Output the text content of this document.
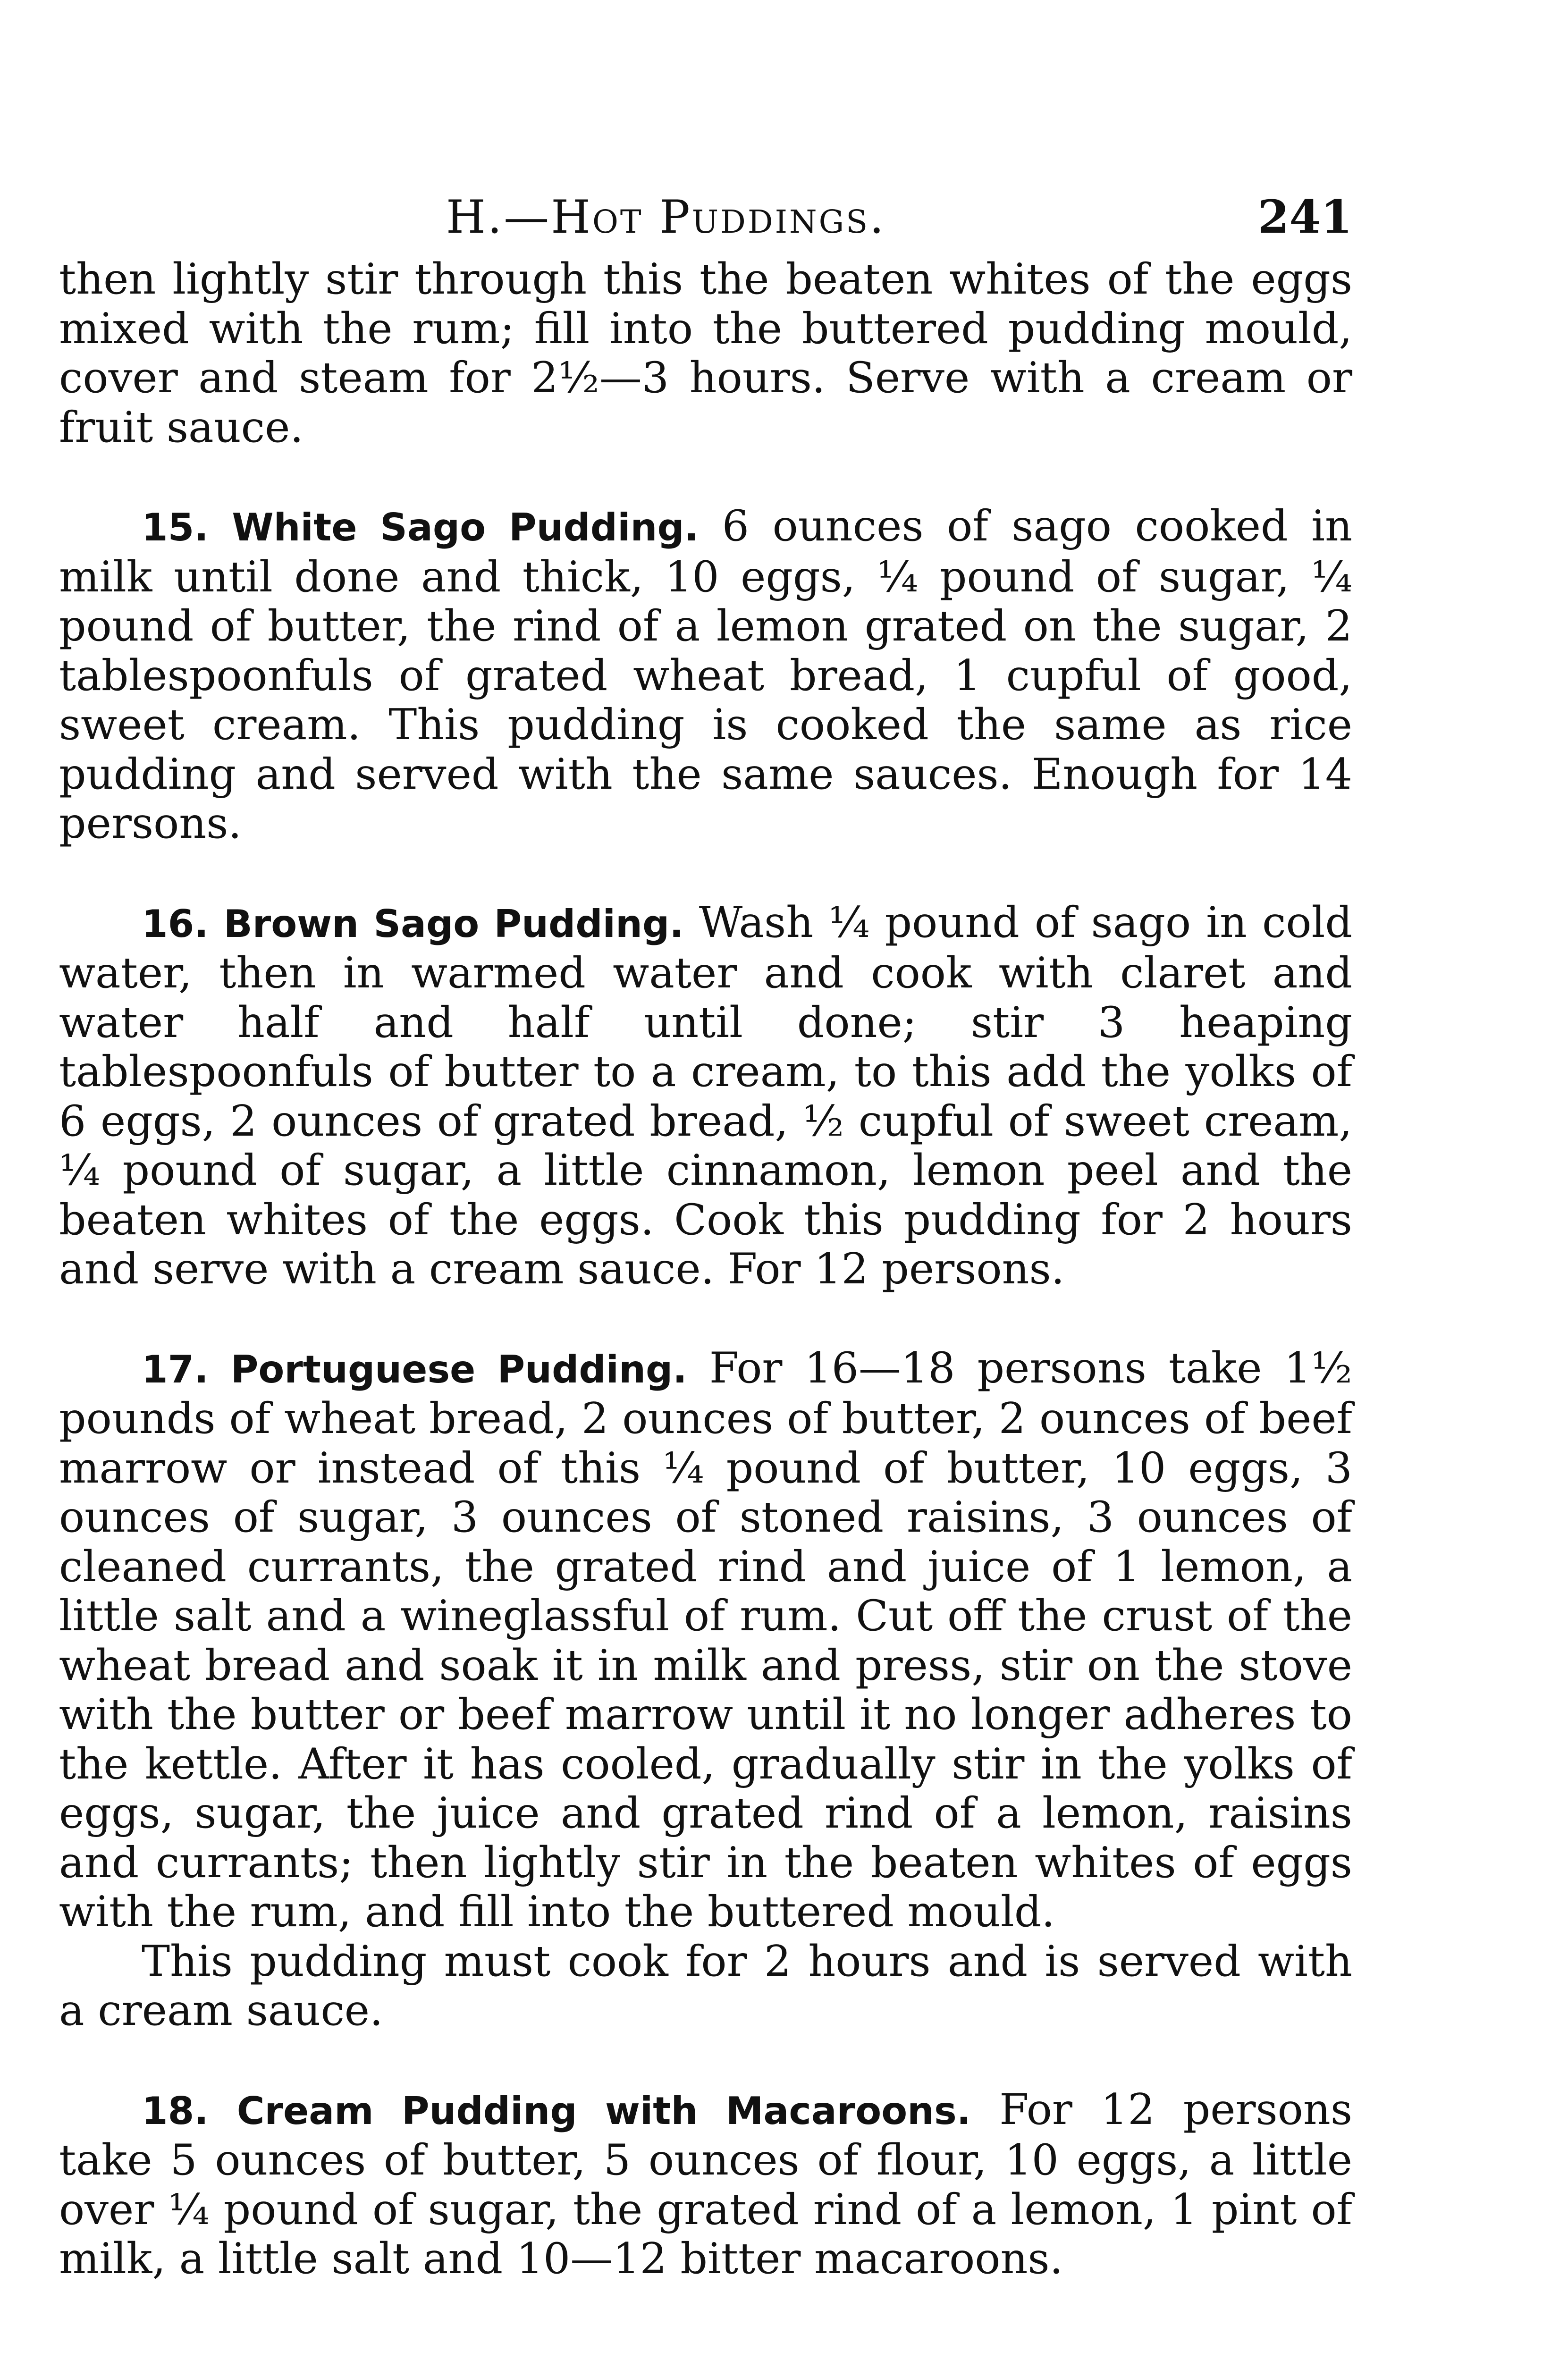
H.—Hot Puddings.	241

then lightly stir through this the beaten whites of the eggs mixed with the rum; fill into the buttered pudding mould, cover and steam for 2½—3 hours. Serve with a cream or fruit sauce.

15. White Sago Pudding. 6 ounces of sago cooked in milk until done and thick, 10 eggs, ¼ pound of sugar, ¼ pound of butter, the rind of a lemon grated on the sugar, 2 tablespoonfuls of grated wheat bread, 1 cupful of good, sweet cream. This pudding is cooked the same as rice pudding and served with the same sauces. Enough for 14 persons.

16. Brown Sago Pudding. Wash ¼ pound of sago in cold water, then in warmed water and cook with claret and water half and half until done; stir 3 heaping tablespoonfuls of butter to a cream, to this add the yolks of 6 eggs, 2 ounces of grated bread, ½ cupful of sweet cream, ¼ pound of sugar, a little cinnamon, lemon peel and the beaten whites of the eggs. Cook this pudding for 2 hours and serve with a cream sauce. For 12 persons.

17. Portuguese Pudding. For 16—18 persons take 1½ pounds of wheat bread, 2 ounces of butter, 2 ounces of beef marrow or instead of this ¼ pound of butter, 10 eggs, 3 ounces of sugar, 3 ounces of stoned raisins, 3 ounces of cleaned currants, the grated rind and juice of 1 lemon, a little salt and a wineglassful of rum. Cut off the crust of the wheat bread and soak it in milk and press, stir on the stove with the butter or beef marrow until it no longer adheres to the kettle. After it has cooled, gradually stir in the yolks of eggs, sugar, the juice and grated rind of a lemon, raisins and currants; then lightly stir in the beaten whites of eggs with the rum, and fill into the buttered mould.

This pudding must cook for 2 hours and is served with a cream sauce.

18. Cream Pudding with Macaroons. For 12 persons take 5 ounces of butter, 5 ounces of flour, 10 eggs, a little over ¼ pound of sugar, the grated rind of a lemon, 1 pint of milk, a little salt and 10—12 bitter macaroons.
